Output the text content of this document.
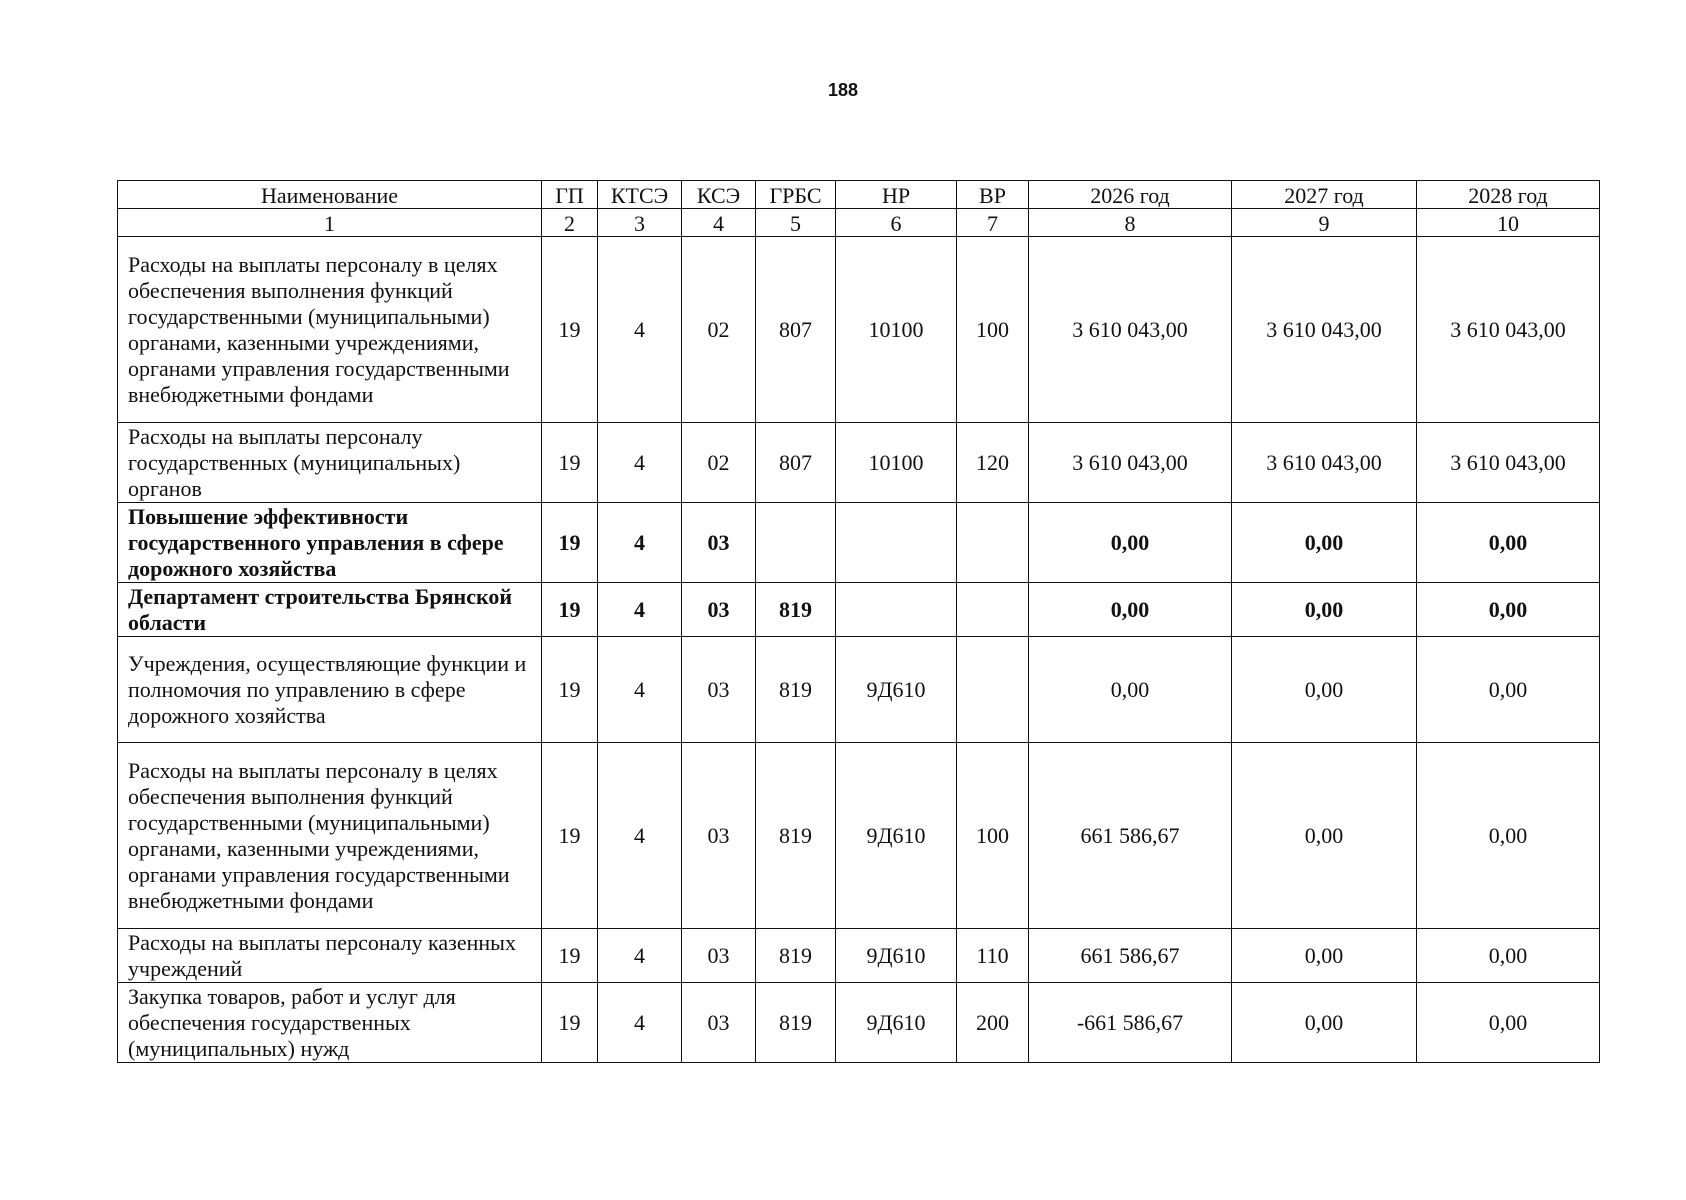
188
Наименование	ГП	КТСЭ	КСЭ	ГРБС	НР	ВР	2026 год	2027 год	2028 год
1	2	3	4	5	6	7	8	9	10
Расходы на выплаты персоналу в целях обеспечения выполнения функций государственными (муниципальными) органами, казенными учреждениями, органами управления государственными внебюджетными фондами	19	4	02	807	10100	100	3 610 043,00	3 610 043,00	3 610 043,00
Расходы на выплаты персоналу государственных (муниципальных) органов	19	4	02	807	10100	120	3 610 043,00	3 610 043,00	3 610 043,00
Повышение эффективности государственного управления в сфере дорожного хозяйства	19	4	03				0,00	0,00	0,00
Департамент строительства Брянской области	19	4	03	819			0,00	0,00	0,00
Учреждения, осуществляющие функции и полномочия по управлению в сфере дорожного хозяйства	19	4	03	819	9Д610		0,00	0,00	0,00
Расходы на выплаты персоналу в целях обеспечения выполнения функций государственными (муниципальными) органами, казенными учреждениями, органами управления государственными внебюджетными фондами	19	4	03	819	9Д610	100	661 586,67	0,00	0,00
Расходы на выплаты персоналу казенных учреждений	19	4	03	819	9Д610	110	661 586,67	0,00	0,00
Закупка товаров, работ и услуг для обеспечения государственных (муниципальных) нужд	19	4	03	819	9Д610	200	-661 586,67	0,00	0,00
